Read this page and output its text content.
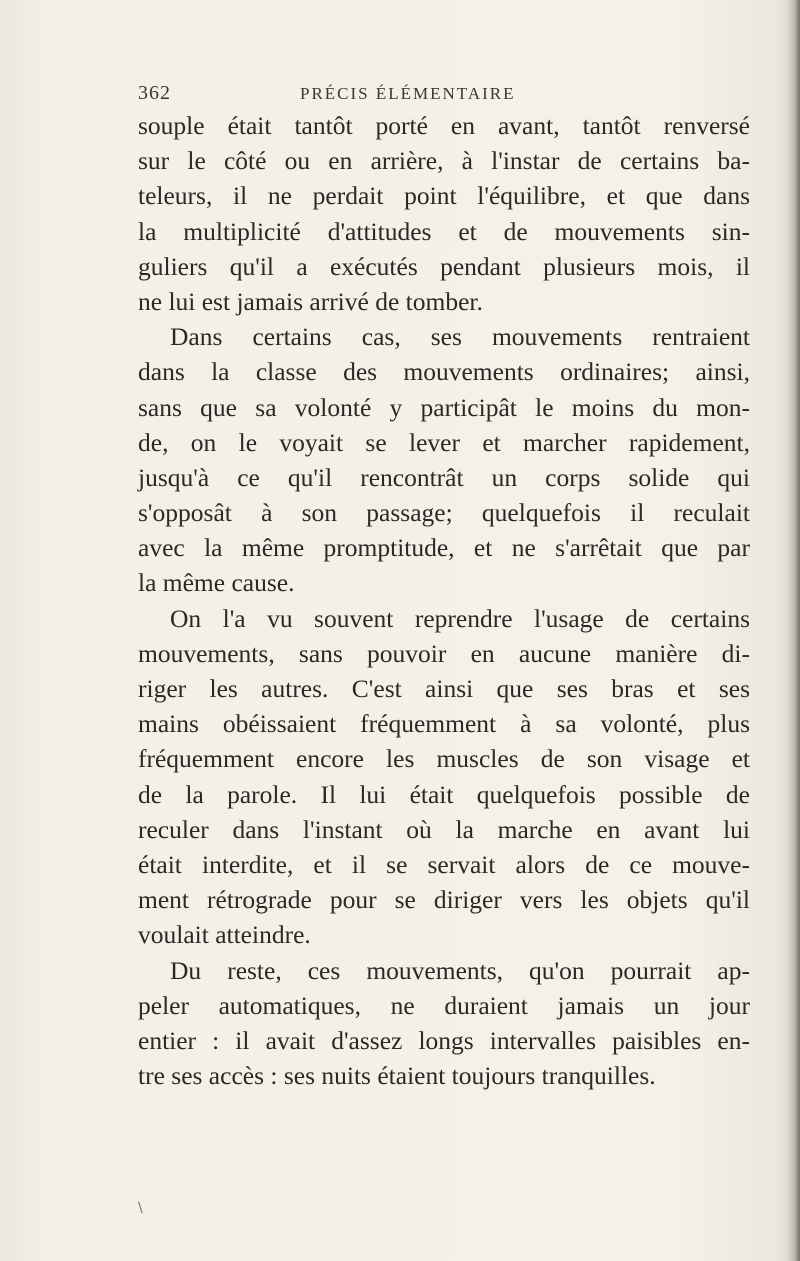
362	PRÉCIS ÉLÉMENTAIRE
souple était tantôt porté en avant, tantôt renversé
sur le côté ou en arrière, à l'instar de certains ba-
teleurs, il ne perdait point l'équilibre, et que dans
la multiplicité d'attitudes et de mouvements sin-
guliers qu'il a exécutés pendant plusieurs mois, il
ne lui est jamais arrivé de tomber.
Dans certains cas, ses mouvements rentraient
dans la classe des mouvements ordinaires; ainsi,
sans que sa volonté y participât le moins du mon-
de, on le voyait se lever et marcher rapidement,
jusqu'à ce qu'il rencontrât un corps solide qui
s'opposât à son passage; quelquefois il reculait
avec la même promptitude, et ne s'arrêtait que par
la même cause.
On l'a vu souvent reprendre l'usage de certains
mouvements, sans pouvoir en aucune manière di-
riger les autres. C'est ainsi que ses bras et ses
mains obéissaient fréquemment à sa volonté, plus
fréquemment encore les muscles de son visage et
de la parole. Il lui était quelquefois possible de
reculer dans l'instant où la marche en avant lui
était interdite, et il se servait alors de ce mouve-
ment rétrograde pour se diriger vers les objets qu'il
voulait atteindre.
Du reste, ces mouvements, qu'on pourrait ap-
peler automatiques, ne duraient jamais un jour
entier : il avait d'assez longs intervalles paisibles en-
tre ses accès : ses nuits étaient toujours tranquilles.
\
